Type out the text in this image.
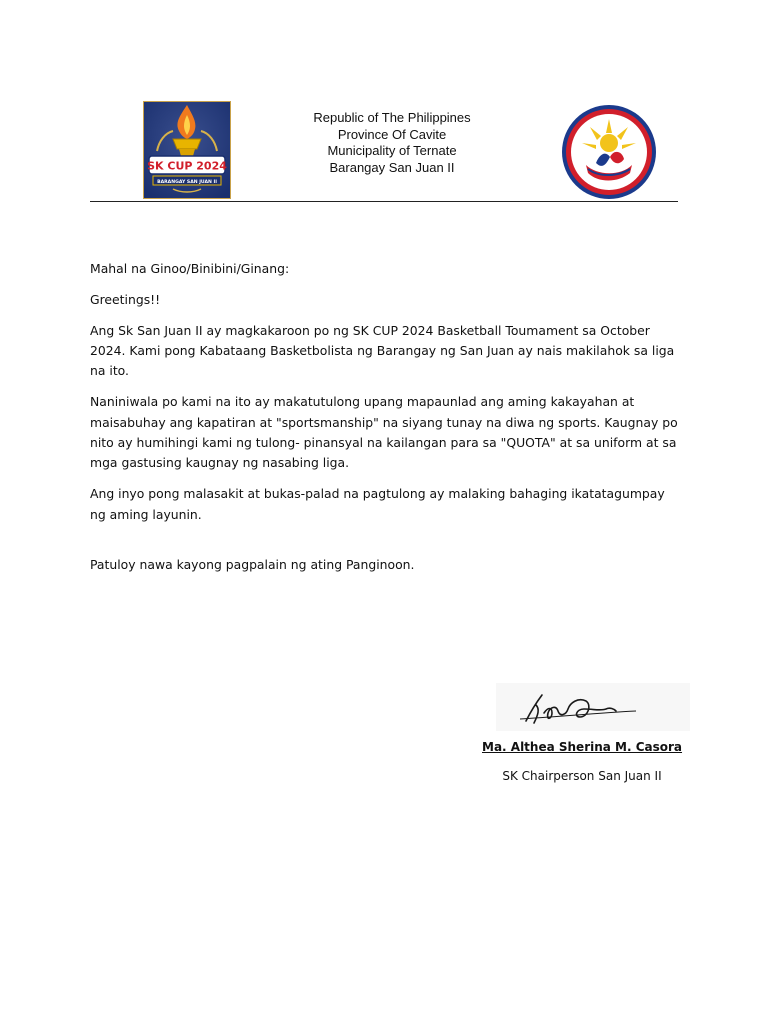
SK CUP 2024
BARANGAY SAN JUAN II
Republic of The Philippines
Province Of Cavite
Municipality of Ternate
Barangay San Juan II

Mahal na Ginoo/Binibini/Ginang:

Greetings!!

Ang Sk San Juan II ay magkakaroon po ng SK CUP 2024 Basketball Toumament sa October 2024. Kami pong Kabataang Basketbolista ng Barangay ng San Juan ay nais makilahok sa liga na ito.

Naniniwala po kami na ito ay makatutulong upang mapaunlad ang aming kakayahan at maisabuhay ang kapatiran at "sportsmanship" na siyang tunay na diwa ng sports. Kaugnay po nito ay humihingi kami ng tulong- pinansyal na kailangan para sa "QUOTA" at sa uniform at sa mga gastusing kaugnay ng nasabing liga.

Ang inyo pong malasakit at bukas-palad na pagtulong ay malaking bahaging ikatatagumpay ng aming layunin.

Patuloy nawa kayong pagpalain ng ating Panginoon.

Ma. Althea Sherina M. Casora
SK Chairperson San Juan II
